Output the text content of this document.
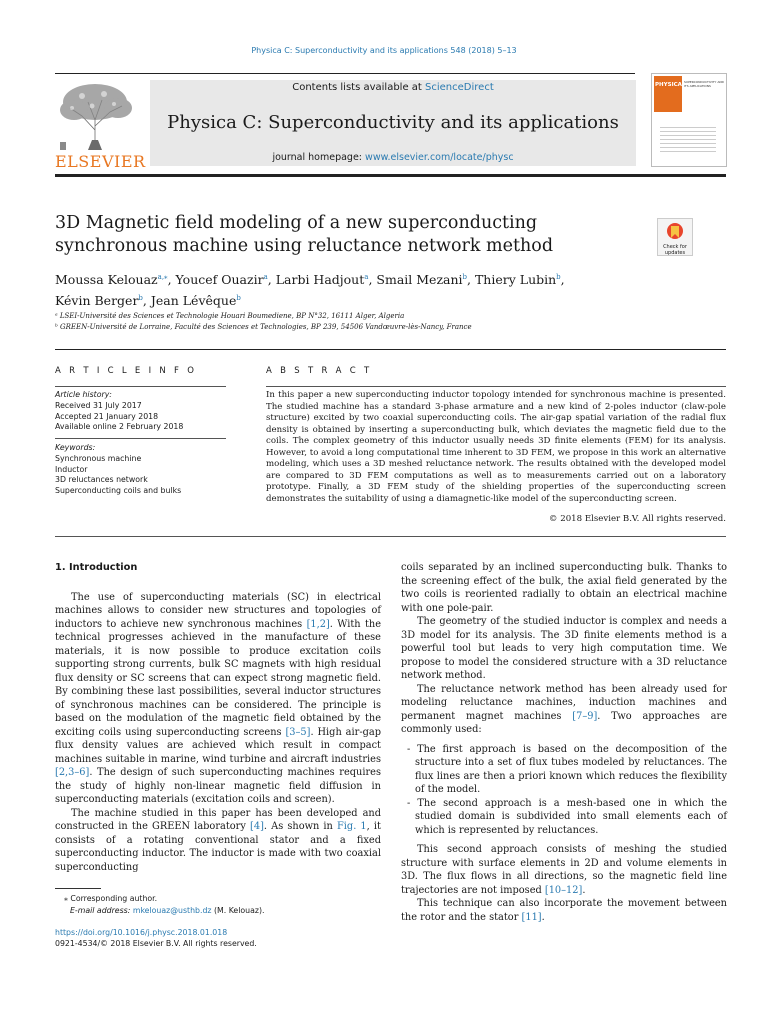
Physica C: Superconductivity and its applications 548 (2018) 5–13
ELSEVIER
Contents lists available at ScienceDirect
Physica C: Superconductivity and its applications
journal homepage: www.elsevier.com/locate/physc
PHYSICA SUPERCONDUCTIVITY AND ITS APPLICATIONS
3D Magnetic field modeling of a new superconducting synchronous machine using reluctance network method	Check for updates
Moussa Kelouaz$^{a,⁎}$, Youcef Ouazir$^a$, Larbi Hadjout$^a$, Smail Mezani$^b$, Thiery Lubin$^b$,
Kévin Berger$^b$, Jean Lévêque$^b$
ᵃ LSEI-Université des Sciences et Technologie Houari Boumediene, BP N°32, 16111 Alger, Algeria
ᵇ GREEN-Université de Lorraine, Faculté des Sciences et Technologies, BP 239, 54506 Vandœuvre-lès-Nancy, France
A R T I C L E I N F O
Article history:
Received 31 July 2017
Accepted 21 January 2018
Available online 2 February 2018
Keywords:
Synchronous machine
Inductor
3D reluctances network
Superconducting coils and bulks
A B S T R A C T
In this paper a new superconducting inductor topology intended for synchronous machine is presented. The studied machine has a standard 3-phase armature and a new kind of 2-poles inductor (claw-pole structure) excited by two coaxial superconducting coils. The air-gap spatial variation of the radial flux density is obtained by inserting a superconducting bulk, which deviates the magnetic field due to the coils. The complex geometry of this inductor usually needs 3D finite elements (FEM) for its analysis. However, to avoid a long computational time inherent to 3D FEM, we propose in this work an alternative modeling, which uses a 3D meshed reluctance network. The results obtained with the developed model are compared to 3D FEM computations as well as to measurements carried out on a laboratory prototype. Finally, a 3D FEM study of the shielding properties of the superconducting screen demonstrates the suitability of using a diamagnetic-like model of the superconducting screen.
© 2018 Elsevier B.V. All rights reserved.
1. Introduction

The use of superconducting materials (SC) in electrical machines allows to consider new structures and topologies of inductors to achieve new synchronous machines [1,2]. With the technical progresses achieved in the manufacture of these materials, it is now possible to produce excitation coils supporting strong currents, bulk SC magnets with high residual flux density or SC screens that can expect strong magnetic field. By combining these last possibilities, several inductor structures of synchronous machines can be considered. The principle is based on the modulation of the magnetic field obtained by the exciting coils using superconducting screens [3–5]. High air-gap flux density values are achieved which result in compact machines suitable in marine, wind turbine and aircraft industries [2,3–6]. The design of such superconducting machines requires the study of highly non-linear magnetic field diffusion in superconducting materials (excitation coils and screen).

The machine studied in this paper has been developed and constructed in the GREEN laboratory [4]. As shown in Fig. 1, it consists of a rotating conventional stator and a fixed superconducting inductor. The inductor is made with two coaxial superconducting

coils separated by an inclined superconducting bulk. Thanks to the screening effect of the bulk, the axial field generated by the two coils is reoriented radially to obtain an electrical machine with one pole-pair.

The geometry of the studied inductor is complex and needs a 3D model for its analysis. The 3D finite elements method is a powerful tool but leads to very high computation time. We propose to model the considered structure with a 3D reluctance network method.

The reluctance network method has been already used for modeling reluctance machines, induction machines and permanent magnet machines [7–9]. Two approaches are commonly used:

- The first approach is based on the decomposition of the structure into a set of flux tubes modeled by reluctances. The flux lines are then a priori known which reduces the flexibility of the model.
- The second approach is a mesh-based one in which the studied domain is subdivided into small elements each of which is represented by reluctances.

This second approach consists of meshing the studied structure with surface elements in 2D and volume elements in 3D. The flux flows in all directions, so the magnetic field line trajectories are not imposed [10–12].

This technique can also incorporate the movement between the rotor and the stator [11].

⁎ Corresponding author.
E-mail address: mkelouaz@usthb.dz (M. Kelouaz).
https://doi.org/10.1016/j.physc.2018.01.018
0921-4534/© 2018 Elsevier B.V. All rights reserved.
